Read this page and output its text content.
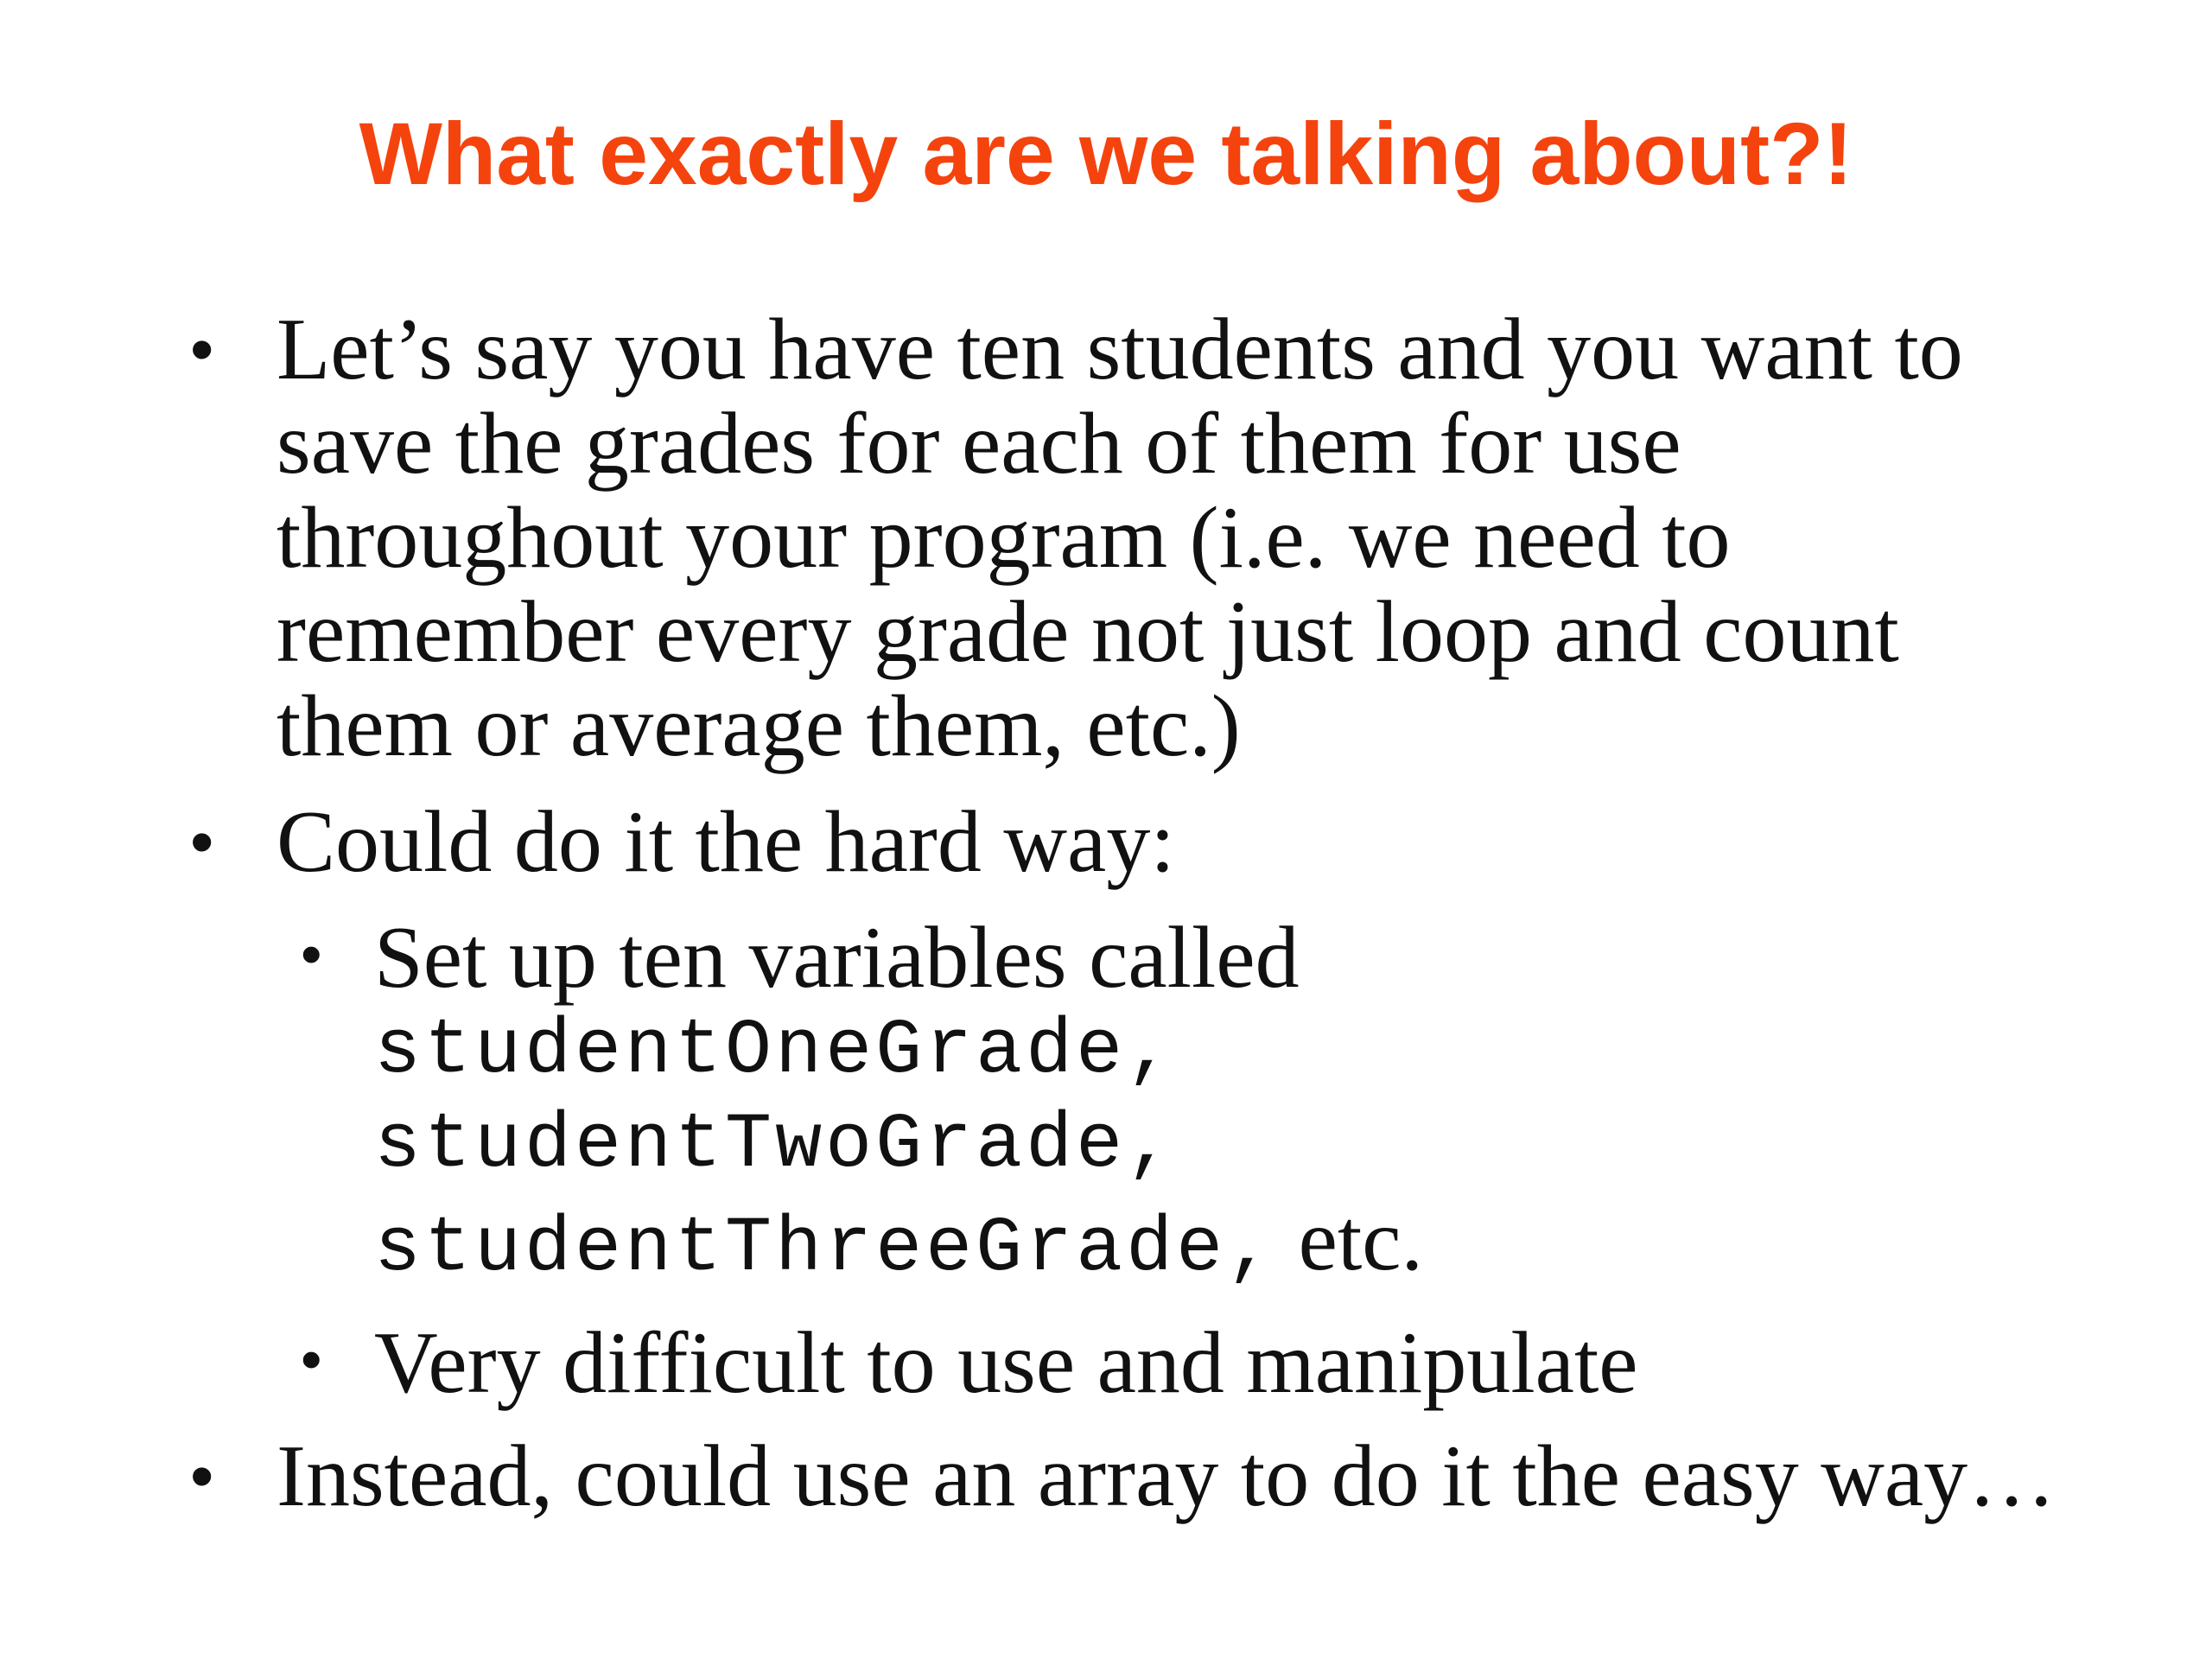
What exactly are we talking about?!
• Let’s say you have ten students and you want to save the grades for each of them for use throughout your program (i.e. we need to remember every grade not just loop and count them or average them, etc.)
• Could do it the hard way:
• Set up ten variables called
studentOneGrade,
studentTwoGrade,
studentThreeGrade, etc.
• Very difficult to use and manipulate
• Instead, could use an array to do it the easy way…
